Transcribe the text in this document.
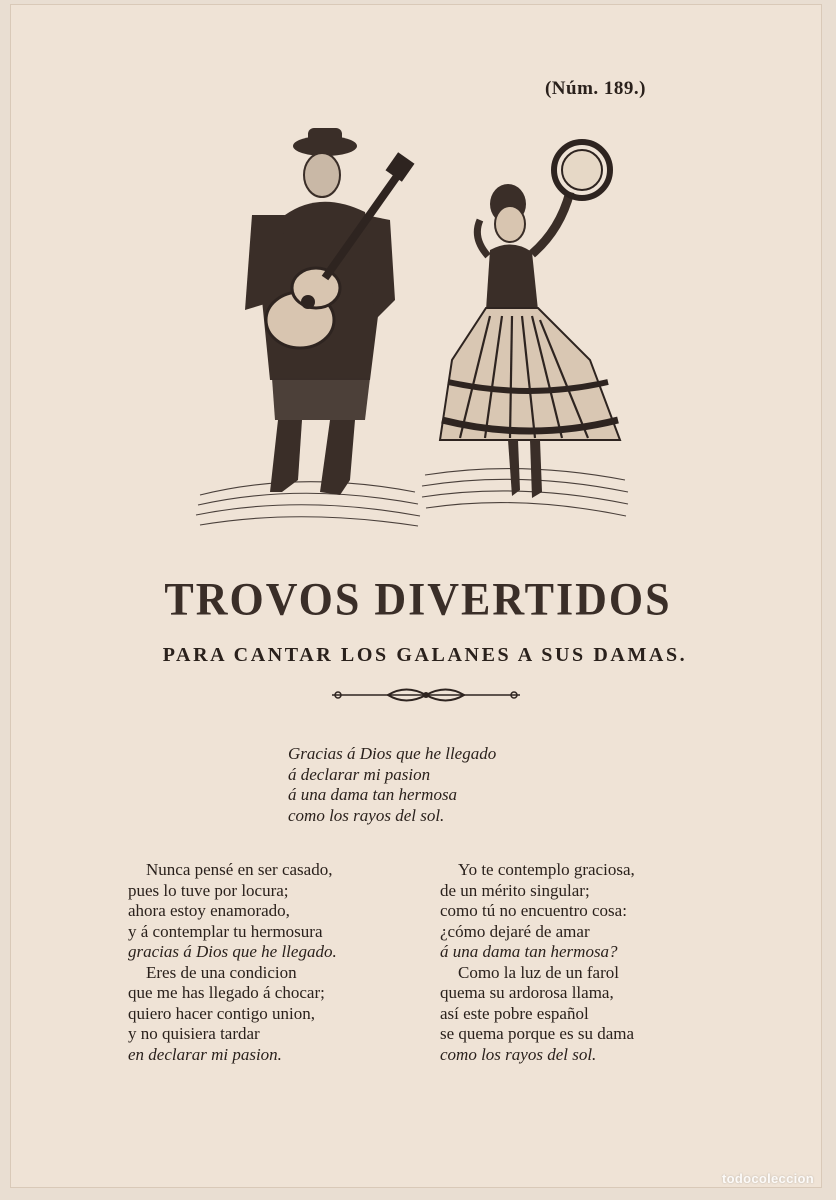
(Núm. 189.)
TROVOS DIVERTIDOS
PARA CANTAR LOS GALANES A SUS DAMAS.
Gracias á Dios que he llegado
á declarar mi pasion
á una dama tan hermosa
como los rayos del sol.
Nunca pensé en ser casado,
pues lo tuve por locura;
ahora estoy enamorado,
y á contemplar tu hermosura
gracias á Dios que he llegado.
Eres de una condicion
que me has llegado á chocar;
quiero hacer contigo union,
y no quisiera tardar
en declarar mi pasion.
Yo te contemplo graciosa,
de un mérito singular;
como tú no encuentro cosa:
¿cómo dejaré de amar
á una dama tan hermosa?
Como la luz de un farol
quema su ardorosa llama,
así este pobre español
se quema porque es su dama
como los rayos del sol.
todocoleccion
